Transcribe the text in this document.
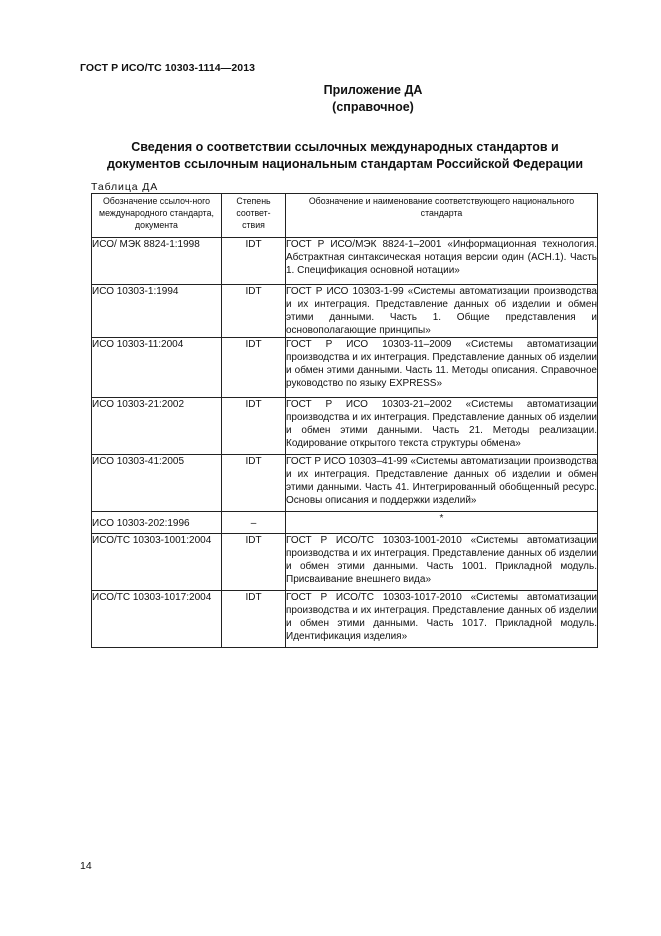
ГОСТ Р ИСО/ТС 10303-1114—2013
Приложение ДА
(справочное)
Сведения о соответствии ссылочных международных стандартов и
документов ссылочным национальным стандартам Российской Федерации
Таблица ДА
Обозначение ссылоч-ного международного стандарта, документа	Степень соответ-ствия	Обозначение и наименование соответствующего национального стандарта
ИСО/ МЭК 8824-1:1998	IDT	ГОСТ Р ИСО/МЭК 8824-1–2001 «Информационная технология. Абстрактная синтаксическая нотация версии один (АСН.1). Часть 1. Спецификация основной нотации»
ИСО 10303-1:1994	IDT	ГОСТ Р ИСО 10303-1-99 «Системы автоматизации производства и их интеграция. Представление данных об изделии и обмен этими данными. Часть 1. Общие представления и основополагающие принципы»
ИСО 10303-11:2004	IDT	ГОСТ Р ИСО 10303-11–2009 «Системы автоматизации производства и их интеграция. Представление данных об изделии и обмен этими данными. Часть 11. Методы описания. Справочное руководство по языку EXPRESS»
ИСО 10303-21:2002	IDT	ГОСТ Р ИСО 10303-21–2002 «Системы автоматизации производства и их интеграция. Представление данных об изделии и обмен этими данными. Часть 21. Методы реализации. Кодирование открытого текста структуры обмена»
ИСО 10303-41:2005	IDT	ГОСТ Р ИСО 10303–41-99 «Системы автоматизации производства и их интеграция. Представление данных об изделии и обмен этими данными. Часть 41. Интегрированный обобщенный ресурс. Основы описания и поддержки изделий»
ИСО 10303-202:1996	–	*
ИСО/ТС 10303-1001:2004	IDT	ГОСТ Р ИСО/ТС 10303-1001-2010 «Системы автоматизации производства и их интеграция. Представление данных об изделии и обмен этими данными. Часть 1001. Прикладной модуль. Присваивание внешнего вида»
ИСО/ТС 10303-1017:2004	IDT	ГОСТ Р ИСО/ТС 10303-1017-2010 «Системы автоматизации производства и их интеграция. Представление данных об изделии и обмен этими данными. Часть 1017. Прикладной модуль. Идентификация изделия»
14
